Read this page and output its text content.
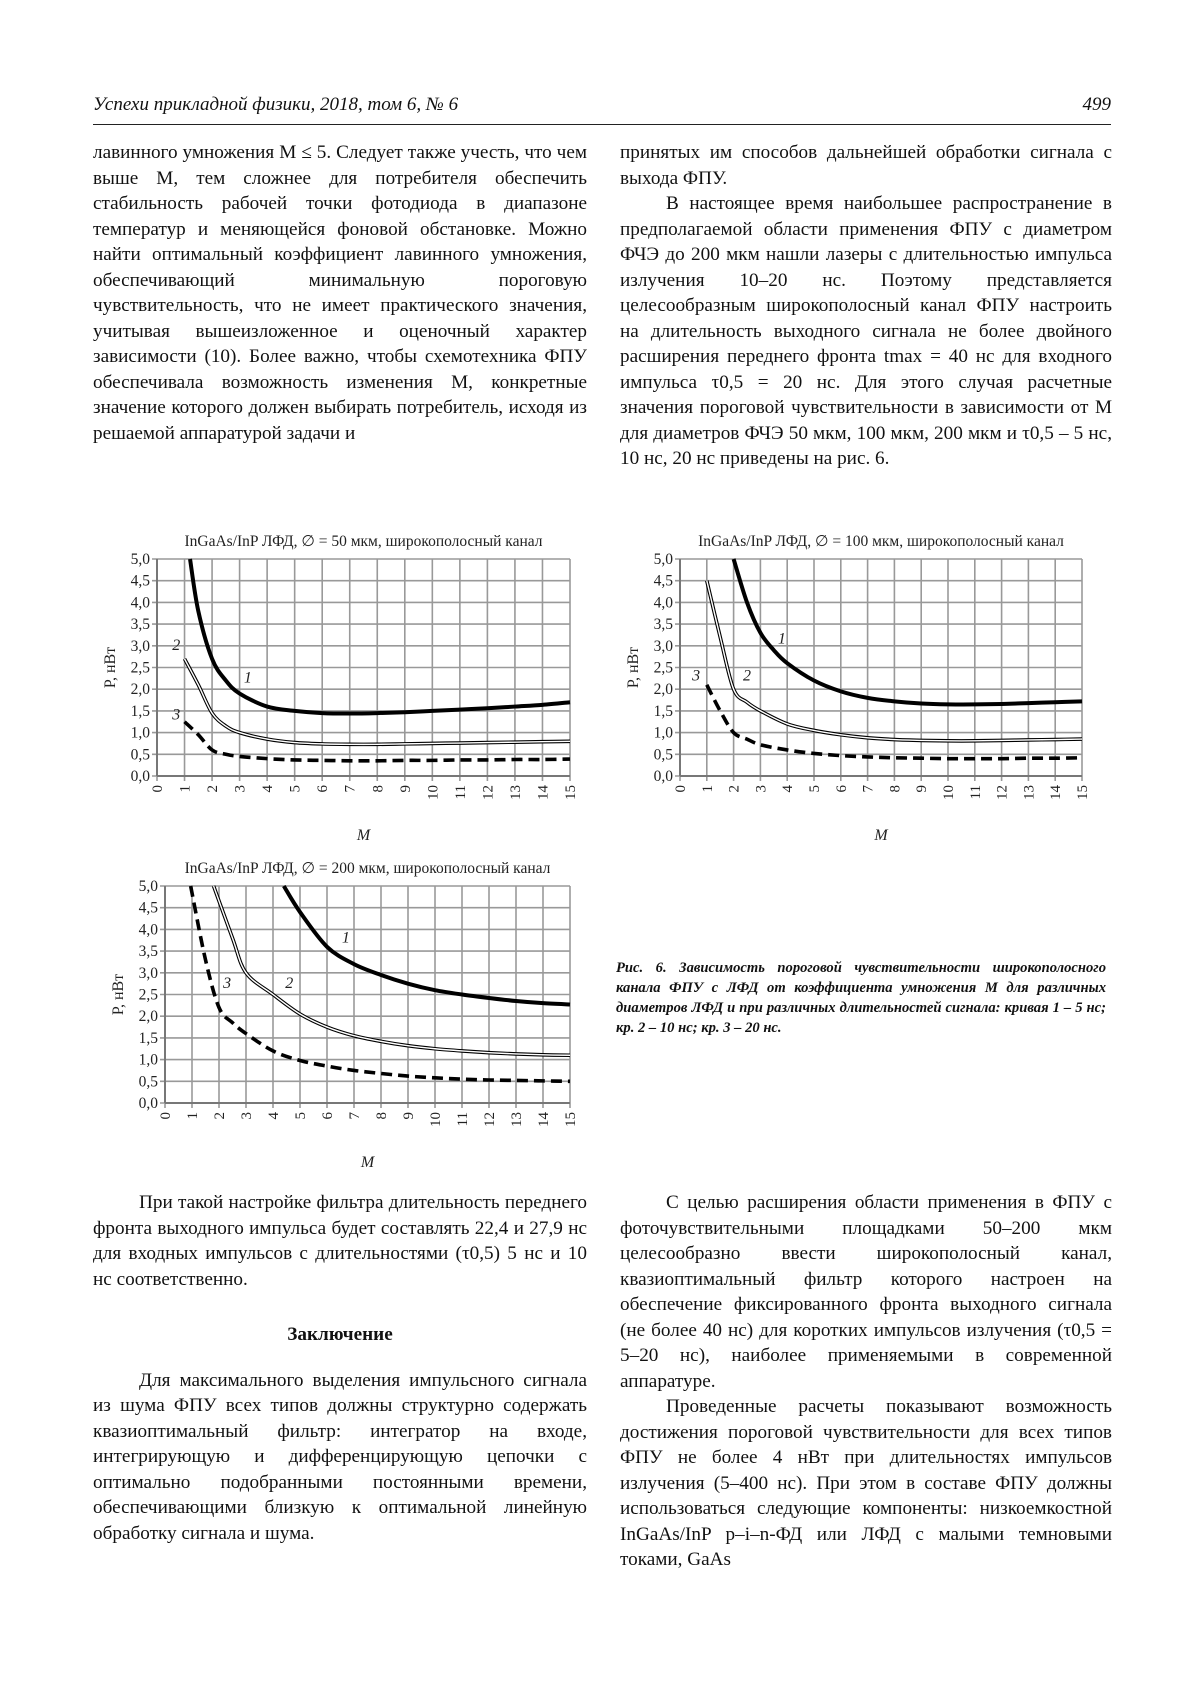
Успехи прикладной физики, 2018, том 6, № 6	499

лавинного умножения M ≤ 5. Следует также учесть, что чем выше M, тем сложнее для потребителя обеспечить стабильность рабочей точки фотодиода в диапазоне температур и меняющейся фоновой обстановке. Можно найти оптимальный коэффициент лавинного умножения, обеспечивающий минимальную пороговую чувствительность, что не имеет практического значения, учитывая вышеизложенное и оценочный характер зависимости (10). Более важно, чтобы схемотехника ФПУ обеспечивала возможность изменения M, конкретные значение которого должен выбирать потребитель, исходя из решаемой аппаратурой задачи и

принятых им способов дальнейшей обработки сигнала с выхода ФПУ.

В настоящее время наибольшее распространение в предполагаемой области применения ФПУ с диаметром ФЧЭ до 200 мкм нашли лазеры с длительностью импульса излучения 10–20 нс. Поэтому представляется целесообразным широкополосный канал ФПУ настроить на длительность выходного сигнала не более двойного расширения переднего фронта tmax = 40 нс для входного импульса τ0,5 = 20 нс. Для этого случая расчетные значения пороговой чувствительности в зависимости от M для диаметров ФЧЭ 50 мкм, 100 мкм, 200 мкм и τ0,5 – 5 нс, 10 нс, 20 нс приведены на рис. 6.

InGaAs/InP ЛФД, ∅ = 50 мкм, широкополосный канал
0 1 2 3 4 5 6 7 8 9 10 11 12 13 14 15
0,0
0,5
1,0
1,5
2,0
2,5
3,0
3,5
4,0
4,5
5,0
M
P, нВт	1
2
3
InGaAs/InP ЛФД, ∅ = 100 мкм, широкополосный канал
0 1 2 3 4 5 6 7 8 9 10 11 12 13 14 15
0,0
0,5
1,0
1,5
2,0
2,5
3,0
3,5
4,0
4,5
5,0
M
P, нВт
1
2
3
InGaAs/InP ЛФД, ∅ = 200 мкм, широкополосный канал
0 1 2 3 4 5 6 7 8 9 10 11 12 13 14 15
0,0
0,5
1,0
1,5
2,0
2,5
3,0
3,5
4,0
4,5
5,0
M
P, нВт
1
2
3
Рис. 6. Зависимость пороговой чувствительности широкополосного канала ФПУ с ЛФД от коэффициента умножения M для различных диаметров ЛФД и при различных длительностей сигнала: кривая 1 – 5 нс; кр. 2 – 10 нс; кр. 3 – 20 нс.

При такой настройке фильтра длительность переднего фронта выходного импульса будет составлять 22,4 и 27,9 нс для входных импульсов с длительностями (τ0,5) 5 нс и 10 нс соответственно.

Заключение

Для максимального выделения импульсного сигнала из шума ФПУ всех типов должны структурно содержать квазиоптимальный фильтр: интегратор на входе, интегрирующую и дифференцирующую цепочки с оптимально подобранными постоянными времени, обеспечивающими близкую к оптимальной линейную обработку сигнала и шума.

С целью расширения области применения в ФПУ с фоточувствительными площадками 50–200 мкм целесообразно ввести широкополосный канал, квазиоптимальный фильтр которого настроен на обеспечение фиксированного фронта выходного сигнала (не более 40 нс) для коротких импульсов излучения (τ0,5 = 5–20 нс), наиболее применяемыми в современной аппаратуре.

Проведенные расчеты показывают возможность достижения пороговой чувствительности для всех типов ФПУ не более 4 нВт при длительностях импульсов излучения (5–400 нс). При этом в составе ФПУ должны использоваться следующие компоненты: низкоемкостной InGaAs/InP p–i–n-ФД или ЛФД с малыми темновыми токами, GaAs
